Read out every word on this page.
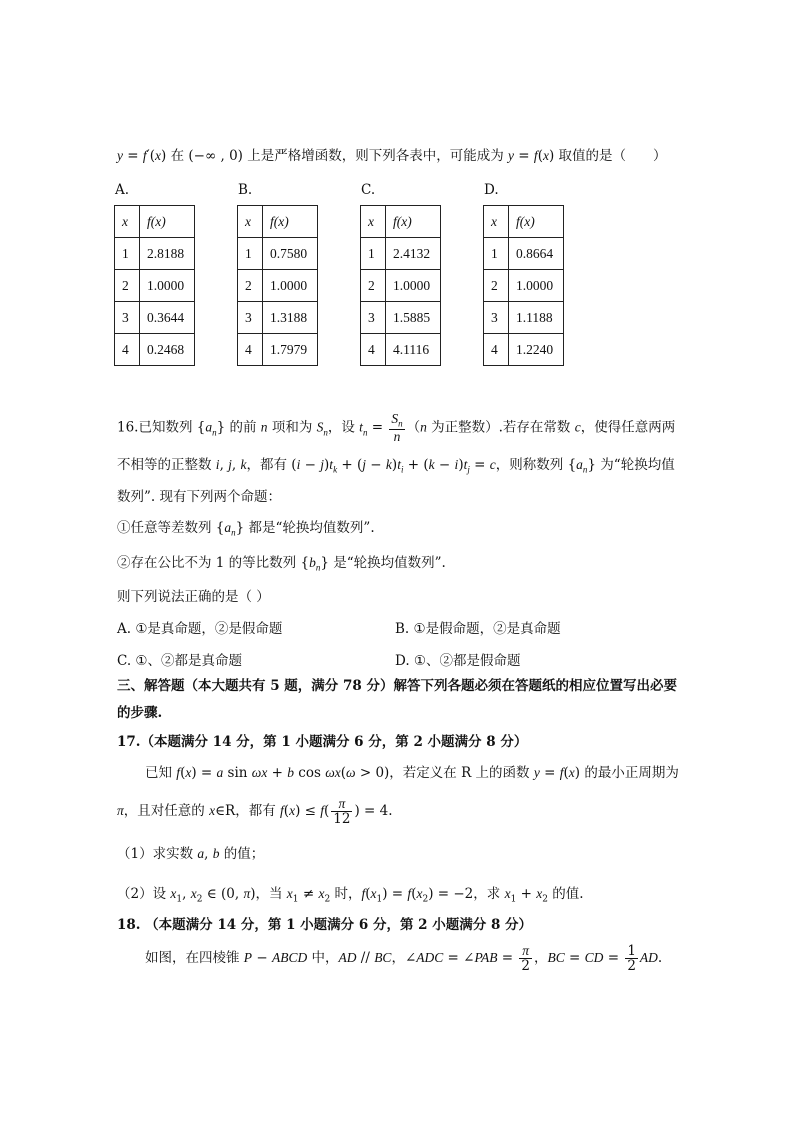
y = f′(x) 在 (−∞ , 0) 上是严格增函数，则下列各表中，可能成为 y = f(x) 取值的是（　　）
A.	B.	C.	D.
x	f(x)
1	2.8188
2	1.0000
3	0.3644
4	0.2468
x	f(x)
1	0.7580
2	1.0000
3	1.3188
4	1.7979
x	f(x)
1	2.4132
2	1.0000
3	1.5885
4	4.1116
x	f(x)
1	0.8664
2	1.0000
3	1.1188
4	1.2240
16.已知数列 $\{a_n\}$ 的前 n 项和为 $S_n$，设 $t_n = \frac{S_n}{n} (n$ 为正整数）.若存在常数 c，使得任意两两
不相等的正整数 i, j, k，都有 $(i - j)t_k + (j - k)t_i + (k - i)t_j = c$，则称数列 $\{a_n\}$ 为“轮换均值
数列”. 现有下列两个命题：
①任意等差数列 $\{a_n\}$ 都是“轮换均值数列”.
②存在公比不为 1 的等比数列 $\{b_n\}$ 是“轮换均值数列”.
则下列说法正确的是（ ）
A. ①是真命题，②是假命题	B. ①是假命题，②是真命题
C. ①、②都是真命题	D. ①、②都是假命题
三、解答题（本大题共有 5 题，满分 78 分）解答下列各题必须在答题纸的相应位置写出必要
的步骤.
17.（本题满分 14 分，第 1 小题满分 6 分，第 2 小题满分 8 分）
已知 f(x) = a sin ωx + b cos ωx(ω > 0)，若定义在 R 上的函数 y = f(x) 的最小正周期为
π，且对任意的 x∈R，都有 $f(x) \le f( \frac{\pi}{12}$ ) = 4.
（1）求实数 a, b 的值；
（2）设 $x_1$, $x_2$ ∈ (0, π)，当 $x_1 \ne x_2$ 时，$f(x_1) = f(x_2) = -2$，求 $x_1 + x_2$ 的值.
18. （本题满分 14 分，第 1 小题满分 6 分，第 2 小题满分 8 分）
如图，在四棱锥 P − ABCD 中，AD // BC，∠ADC = ∠PAB = $\frac{\pi}{2}$ ，BC = CD = $\frac{1}{2}$ AD.
